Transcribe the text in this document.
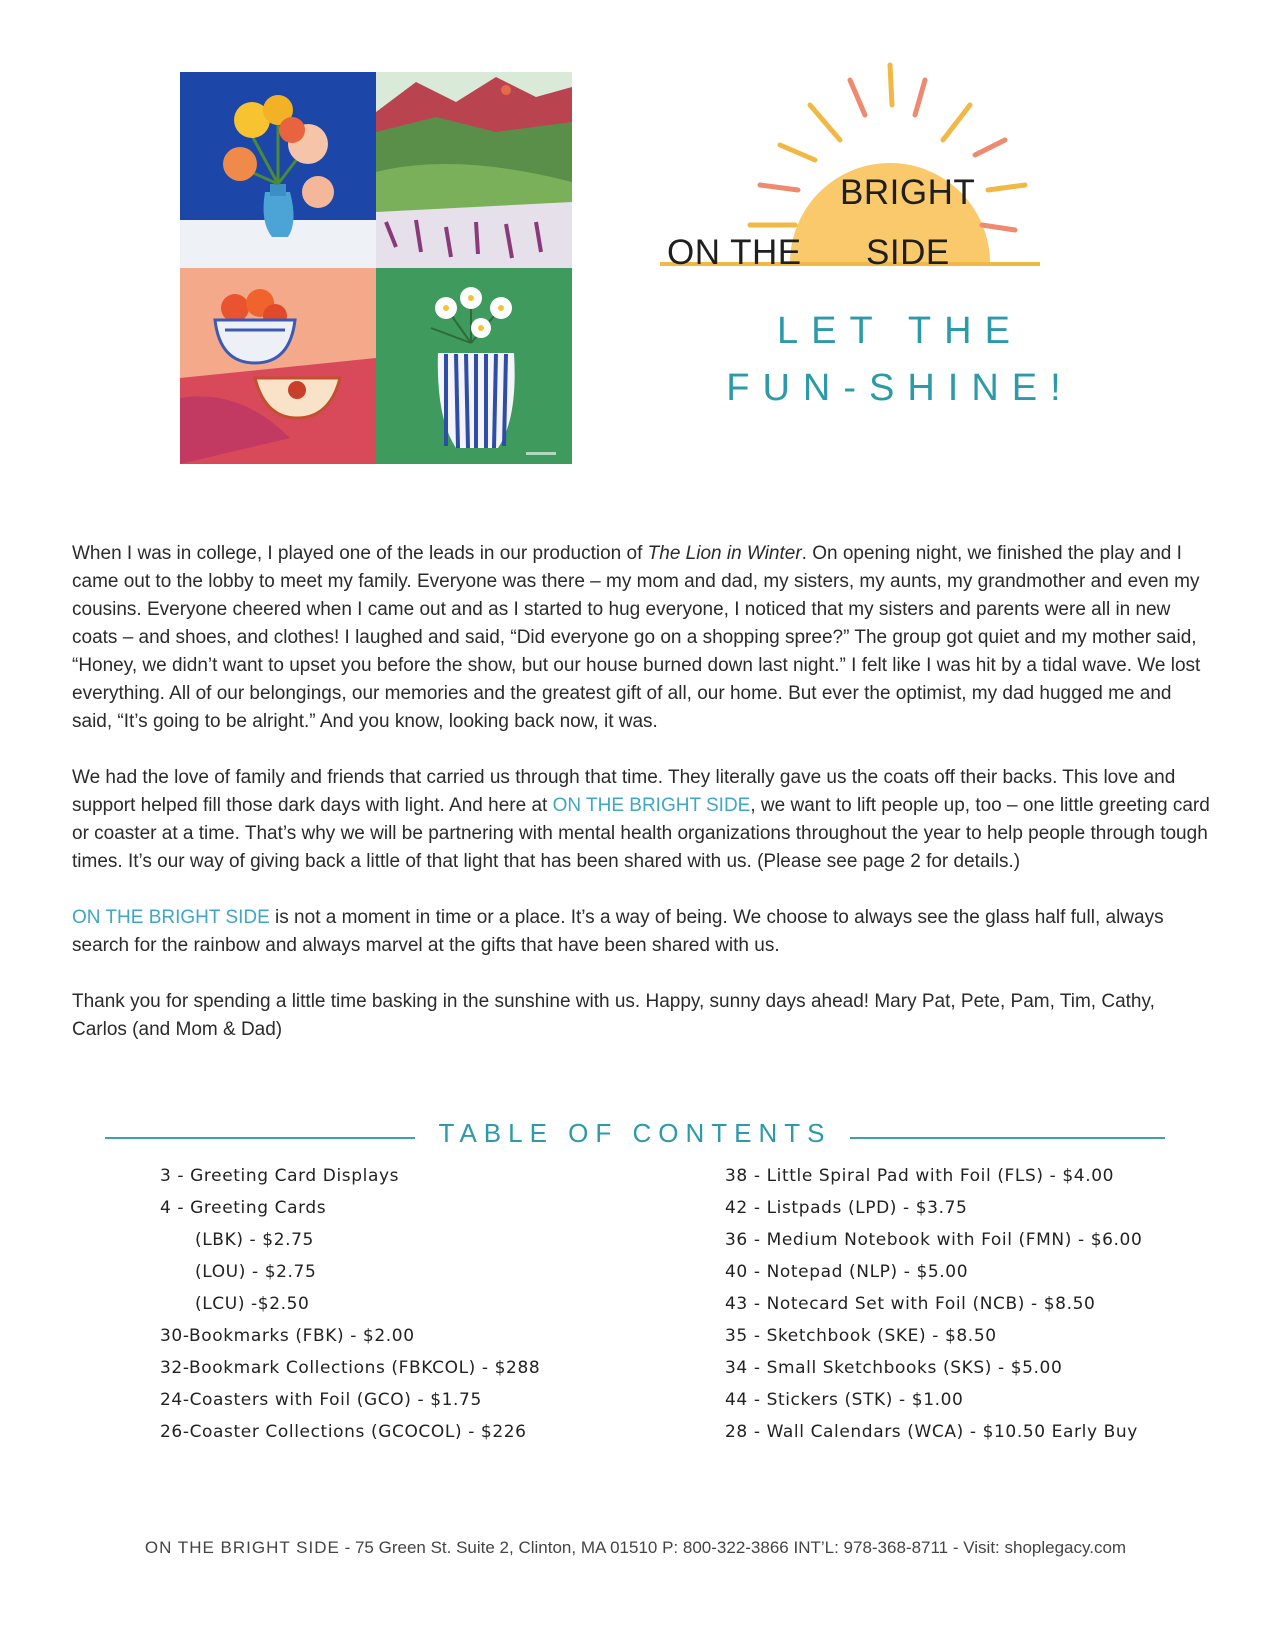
BRIGHT
ON THE SIDE
LET THE
FUN-SHINE!

When I was in college, I played one of the leads in our production of The Lion in Winter. On opening night, we finished the play and I came out to the lobby to meet my family. Everyone was there – my mom and dad, my sisters, my aunts, my grandmother and even my cousins. Everyone cheered when I came out and as I started to hug everyone, I noticed that my sisters and parents were all in new coats – and shoes, and clothes! I laughed and said, “Did everyone go on a shopping spree?” The group got quiet and my mother said, “Honey, we didn’t want to upset you before the show, but our house burned down last night.” I felt like I was hit by a tidal wave. We lost everything. All of our belongings, our memories and the greatest gift of all, our home. But ever the optimist, my dad hugged me and said, “It’s going to be alright.” And you know, looking back now, it was.

We had the love of family and friends that carried us through that time. They literally gave us the coats off their backs. This love and support helped fill those dark days with light. And here at ON THE BRIGHT SIDE, we want to lift people up, too – one little greeting card or coaster at a time. That’s why we will be partnering with mental health organizations throughout the year to help people through tough times. It’s our way of giving back a little of that light that has been shared with us. (Please see page 2 for details.)

ON THE BRIGHT SIDE is not a moment in time or a place. It’s a way of being. We choose to always see the glass half full, always search for the rainbow and always marvel at the gifts that have been shared with us.

Thank you for spending a little time basking in the sunshine with us. Happy, sunny days ahead! Mary Pat, Pete, Pam, Tim, Cathy, Carlos (and Mom & Dad)

TABLE OF CONTENTS
3 - Greeting Card Displays
4 - Greeting Cards
(LBK) - $2.75
(LOU) - $2.75
(LCU) -$2.50
30-Bookmarks (FBK) - $2.00
32-Bookmark Collections (FBKCOL) - $288
24-Coasters with Foil (GCO) - $1.75
26-Coaster Collections (GCOCOL) - $226
38 - Little Spiral Pad with Foil (FLS) - $4.00
42 - Listpads (LPD) - $3.75
36 - Medium Notebook with Foil (FMN) - $6.00
40 - Notepad (NLP) - $5.00
43 - Notecard Set with Foil (NCB) - $8.50
35 - Sketchbook (SKE) - $8.50
34 - Small Sketchbooks (SKS) - $5.00
44 - Stickers (STK) - $1.00
28 - Wall Calendars (WCA) - $10.50 Early Buy
ON THE BRIGHT SIDE - 75 Green St. Suite 2, Clinton, MA 01510 P: 800-322-3866 INT’L: 978-368-8711 - Visit: shoplegacy.com
